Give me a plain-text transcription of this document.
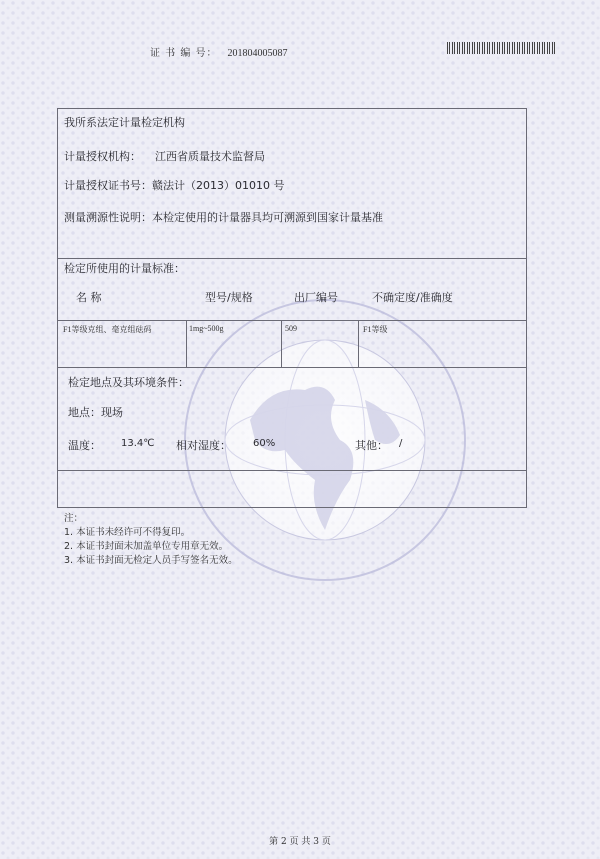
证 书 编 号： 201804005087
我所系法定计量检定机构
计量授权机构： 江西省质量技术监督局
计量授权证书号：赣法计（2013）01010 号
测量溯源性说明：本检定使用的计量器具均可溯源到国家计量基准
检定所使用的计量标准：
名 称	型号/规格	出厂编号	不确定度/准确度
F1等级克组、毫克组砝码	1mg~500g	509	F1等级
检定地点及其环境条件：
地点：现场
温度： 13.4℃ 相对湿度： 60%	其他： /
注：
1. 本证书未经许可不得复印。
2. 本证书封面未加盖单位专用章无效。
3. 本证书封面无检定人员手写签名无效。
第 2 页 共 3 页
